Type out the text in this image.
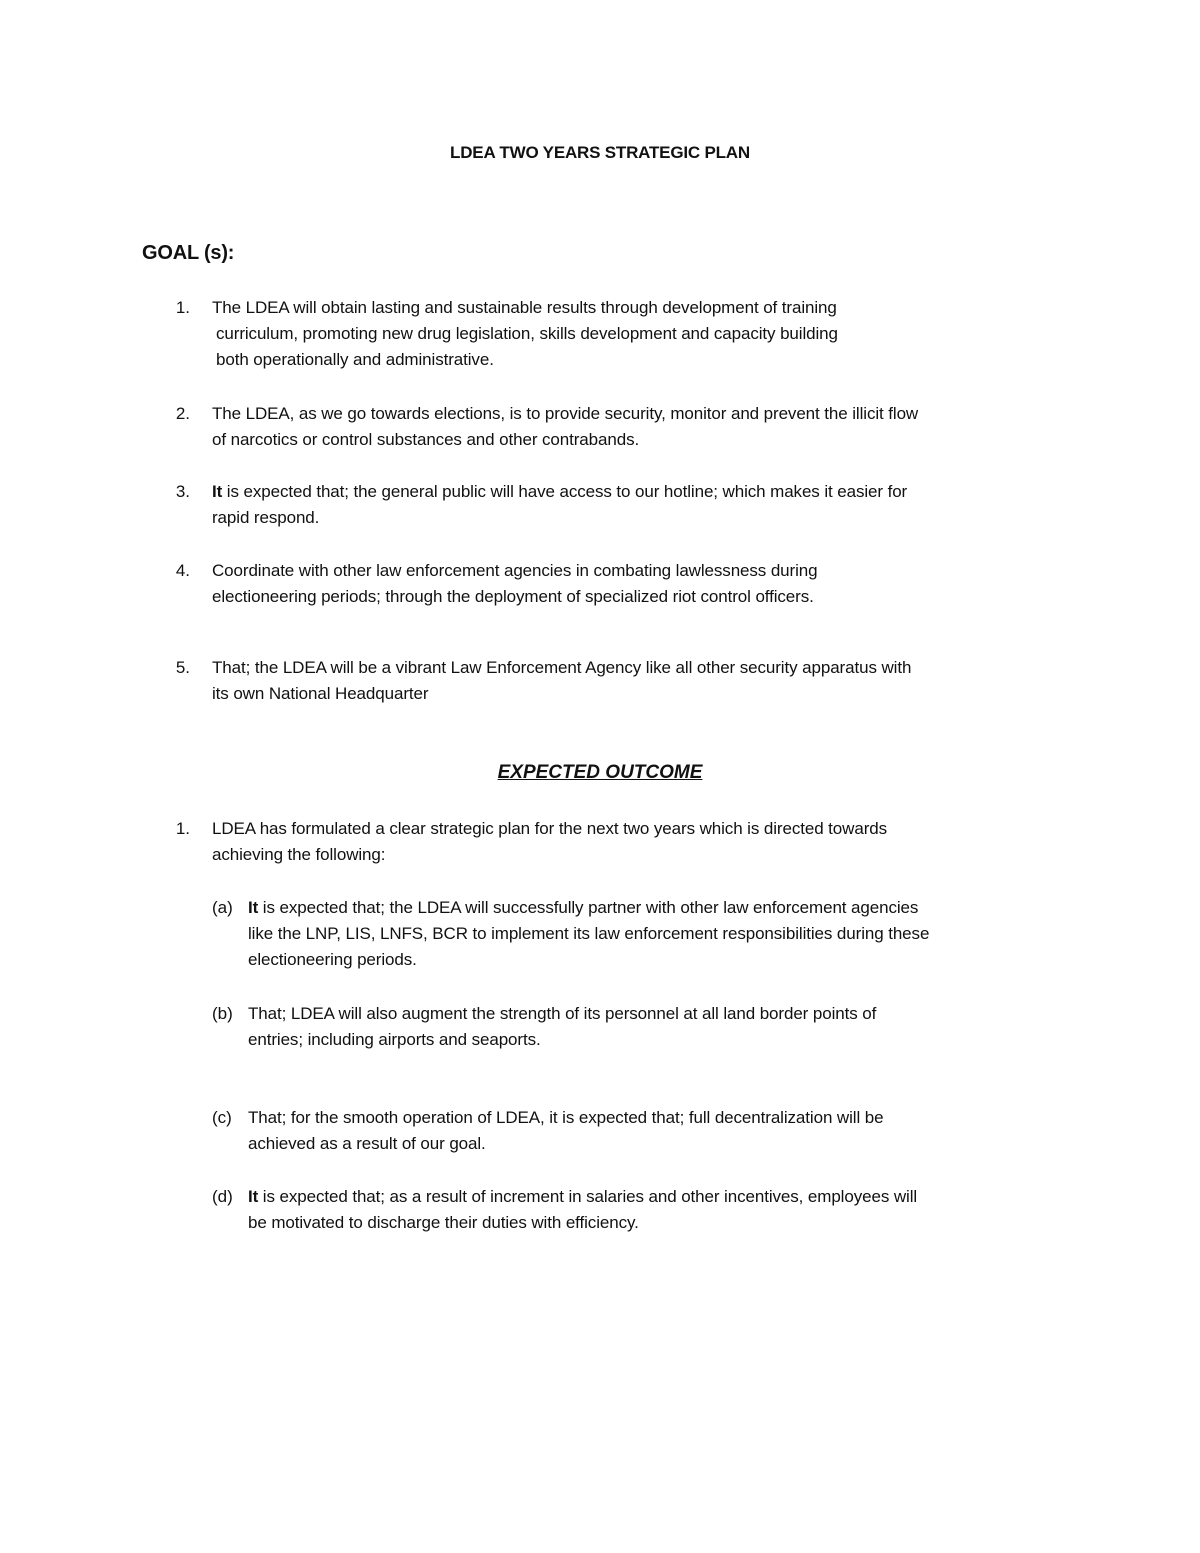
LDEA TWO YEARS STRATEGIC PLAN
GOAL (s):
1. The LDEA will obtain lasting and sustainable results through development of training
curriculum, promoting new drug legislation, skills development and capacity building
both operationally and administrative.
2. The LDEA, as we go towards elections, is to provide security, monitor and prevent the illicit flow
of narcotics or control substances and other contrabands.
3. It is expected that; the general public will have access to our hotline; which makes it easier for
rapid respond.
4. Coordinate with other law enforcement agencies in combating lawlessness during
electioneering periods; through the deployment of specialized riot control officers.
5. That; the LDEA will be a vibrant Law Enforcement Agency like all other security apparatus with
its own National Headquarter
EXPECTED OUTCOME
1. LDEA has formulated a clear strategic plan for the next two years which is directed towards
achieving the following:
(a) It is expected that; the LDEA will successfully partner with other law enforcement agencies
like the LNP, LIS, LNFS, BCR to implement its law enforcement responsibilities during these
electioneering periods.
(b) That; LDEA will also augment the strength of its personnel at all land border points of
entries; including airports and seaports.
(c) That; for the smooth operation of LDEA, it is expected that; full decentralization will be
achieved as a result of our goal.
(d) It is expected that; as a result of increment in salaries and other incentives, employees will
be motivated to discharge their duties with efficiency.
